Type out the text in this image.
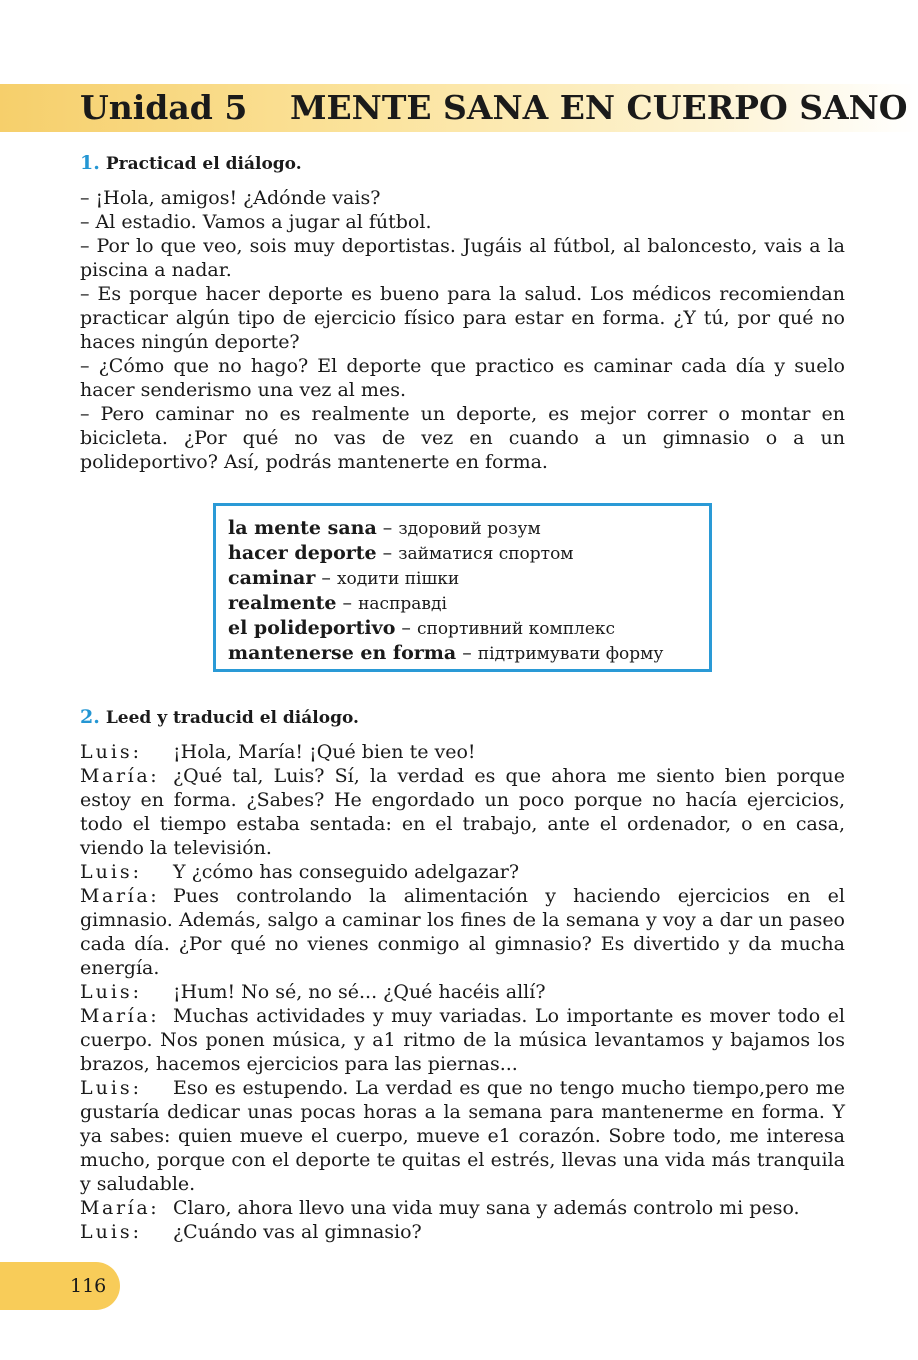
Unidad 5 MENTE SANA EN CUERPO SANO
1. Practicad el diálogo.

– ¡Hola, amigos! ¿Adónde vais?

– Al estadio. Vamos a jugar al fútbol.

– Por lo que veo, sois muy deportistas. Jugáis al fútbol, al baloncesto, vais a la piscina a nadar.

– Es porque hacer deporte es bueno para la salud. Los médicos recomiendan practicar algún tipo de ejercicio físico para estar en forma. ¿Y tú, por qué no haces ningún deporte?

– ¿Cómo que no hago? El deporte que practico es caminar cada día y suelo hacer senderismo una vez al mes.

– Pero caminar no es realmente un deporte, es mejor correr o montar en bicicleta. ¿Por qué no vas de vez en cuando a un gimnasio o a un polideportivo? Así, podrás mantenerte en forma.

la mente sana – здоровий розум
hacer deporte – займатися спортом
caminar – ходити пішки
realmente – насправді
el polideportivo – спортивний комплекс
mantenerse en forma – підтримувати форму
2. Leed y traducid el diálogo.

Luis: ¡Hola, María! ¡Qué bien te veo!

María: ¿Qué tal, Luis? Sí, la verdad es que ahora me siento bien porque estoy en forma. ¿Sabes? He engordado un poco porque no hacía ejercicios, todo el tiempo estaba sentada: en el trabajo, ante el ordenador, o en casa, viendo la televisión.

Luis: Y ¿cómo has conseguido adelgazar?

María: Pues controlando la alimentación y haciendo ejercicios en el gimnasio. Además, salgo a caminar los fines de la semana y voy a dar un paseo cada día. ¿Por qué no vienes conmigo al gimnasio? Es divertido y da mucha energía.

Luis: ¡Hum! No sé, no sé... ¿Qué hacéis allí?

María: Muchas actividades y muy variadas. Lo importante es mover todo el cuerpo. Nos ponen música, y a1 ritmo de la música levantamos y bajamos los brazos, hacemos ejercicios para las piernas...

Luis: Eso es estupendo. La verdad es que no tengo mucho tiempo,pero me gustaría dedicar unas pocas horas a la semana para mantenerme en forma. Y ya sabes: quien mueve el cuerpo, mueve e1 corazón. Sobre todo, me interesa mucho, porque con el deporte te quitas el estrés, llevas una vida más tranquila y saludable.

María: Claro, ahora llevo una vida muy sana y además controlo mi peso.

Luis: ¿Cuándo vas al gimnasio?

116
